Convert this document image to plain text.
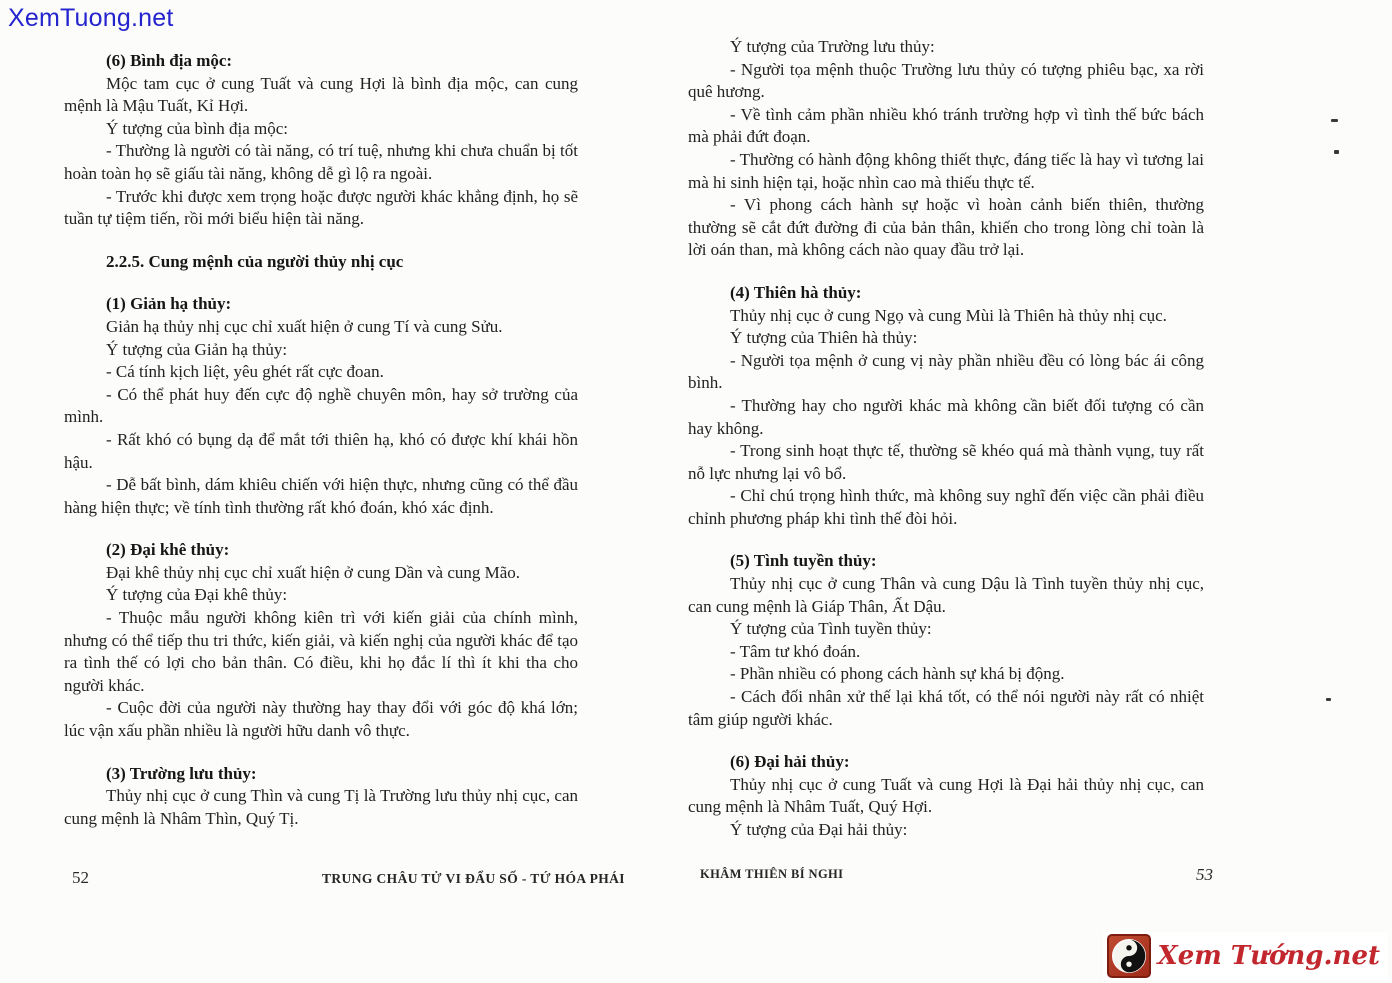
XemTuong.net

(6) Bình địa mộc:

Mộc tam cục ở cung Tuất và cung Hợi là bình địa mộc, can cung mệnh là Mậu Tuất, Kỉ Hợi.

Ý tượng của bình địa mộc:

- Thường là người có tài năng, có trí tuệ, nhưng khi chưa chuẩn bị tốt hoàn toàn họ sẽ giấu tài năng, không dễ gì lộ ra ngoài.

- Trước khi được xem trọng hoặc được người khác khẳng định, họ sẽ tuần tự tiệm tiến, rồi mới biểu hiện tài năng.

2.2.5. Cung mệnh của người thủy nhị cục

(1) Giản hạ thủy:

Giản hạ thủy nhị cục chỉ xuất hiện ở cung Tí và cung Sửu.

Ý tượng của Giản hạ thủy:

- Cá tính kịch liệt, yêu ghét rất cực đoan.

- Có thể phát huy đến cực độ nghề chuyên môn, hay sở trường của mình.

- Rất khó có bụng dạ để mắt tới thiên hạ, khó có được khí khái hồn hậu.

- Dễ bất bình, dám khiêu chiến với hiện thực, nhưng cũng có thể đầu hàng hiện thực; về tính tình thường rất khó đoán, khó xác định.

(2) Đại khê thủy:

Đại khê thủy nhị cục chỉ xuất hiện ở cung Dần và cung Mão.

Ý tượng của Đại khê thủy:

- Thuộc mẫu người không kiên trì với kiến giải của chính mình, nhưng có thể tiếp thu tri thức, kiến giải, và kiến nghị của người khác để tạo ra tình thế có lợi cho bản thân. Có điều, khi họ đắc lí thì ít khi tha cho người khác.

- Cuộc đời của người này thường hay thay đổi với góc độ khá lớn; lúc vận xấu phần nhiều là người hữu danh vô thực.

(3) Trường lưu thủy:

Thủy nhị cục ở cung Thìn và cung Tị là Trường lưu thủy nhị cục, can cung mệnh là Nhâm Thìn, Quý Tị.

52	TRUNG CHÂU TỬ VI ĐẨU SỐ - TỨ HÓA PHÁI

Ý tượng của Trường lưu thủy:

- Người tọa mệnh thuộc Trường lưu thủy có tượng phiêu bạc, xa rời quê hương.

- Về tình cảm phần nhiều khó tránh trường hợp vì tình thế bức bách mà phải đứt đoạn.

- Thường có hành động không thiết thực, đáng tiếc là hay vì tương lai mà hi sinh hiện tại, hoặc nhìn cao mà thiếu thực tế.

- Vì phong cách hành sự hoặc vì hoàn cảnh biến thiên, thường thường sẽ cắt đứt đường đi của bản thân, khiến cho trong lòng chỉ toàn là lời oán than, mà không cách nào quay đầu trở lại.

(4) Thiên hà thủy:

Thủy nhị cục ở cung Ngọ và cung Mùi là Thiên hà thủy nhị cục.

Ý tượng của Thiên hà thủy:

- Người tọa mệnh ở cung vị này phần nhiều đều có lòng bác ái công bình.

- Thường hay cho người khác mà không cần biết đối tượng có cần hay không.

- Trong sinh hoạt thực tế, thường sẽ khéo quá mà thành vụng, tuy rất nỗ lực nhưng lại vô bổ.

- Chỉ chú trọng hình thức, mà không suy nghĩ đến việc cần phải điều chỉnh phương pháp khi tình thế đòi hỏi.

(5) Tình tuyền thủy:

Thủy nhị cục ở cung Thân và cung Dậu là Tình tuyền thủy nhị cục, can cung mệnh là Giáp Thân, Ất Dậu.

Ý tượng của Tình tuyền thủy:

- Tâm tư khó đoán.

- Phần nhiều có phong cách hành sự khá bị động.

- Cách đối nhân xử thế lại khá tốt, có thể nói người này rất có nhiệt tâm giúp người khác.

(6) Đại hải thủy:

Thủy nhị cục ở cung Tuất và cung Hợi là Đại hải thủy nhị cục, can cung mệnh là Nhâm Tuất, Quý Hợi.

Ý tượng của Đại hải thủy:

KHÂM THIÊN BÍ NGHI	53
Xem Tướng.net
